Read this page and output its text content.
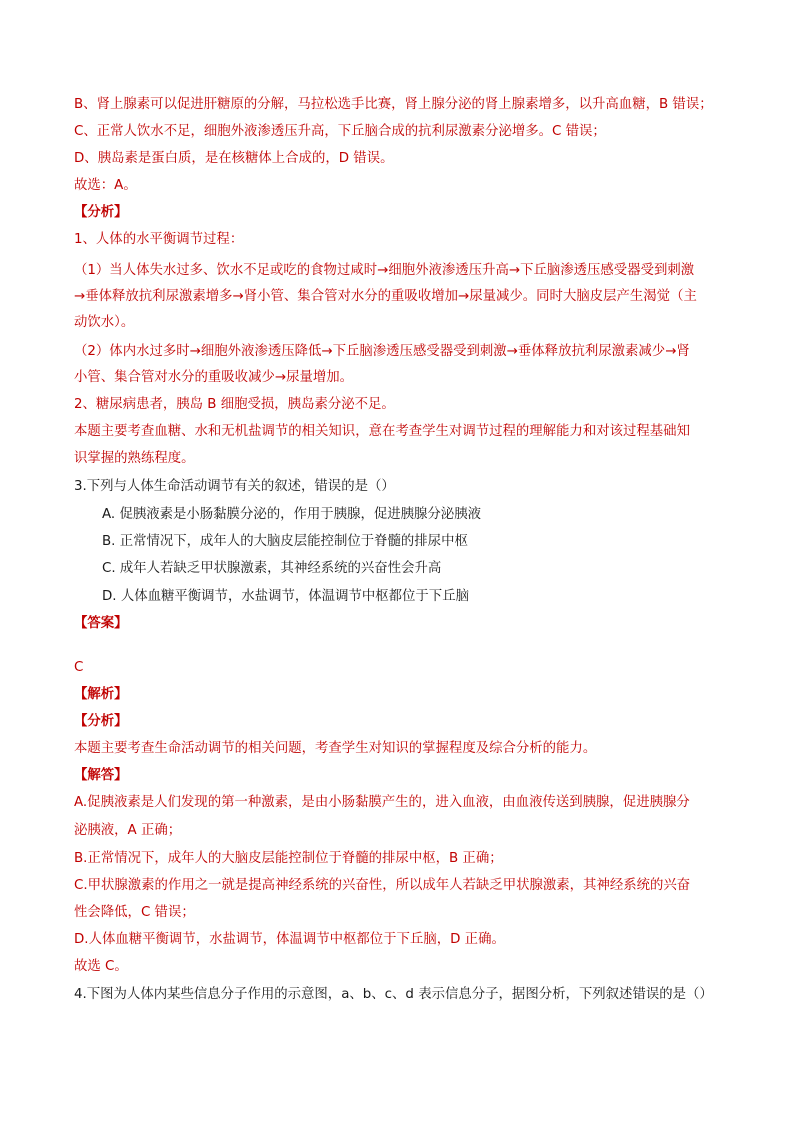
B、肾上腺素可以促进肝糖原的分解，马拉松选手比赛，肾上腺分泌的肾上腺素增多，以升高血糖，B 错误；
C、正常人饮水不足，细胞外液渗透压升高，下丘脑合成的抗利尿激素分泌增多。C 错误；
D、胰岛素是蛋白质，是在核糖体上合成的，D 错误。
故选：A。
【分析】
1、人体的水平衡调节过程：
（1）当人体失水过多、饮水不足或吃的食物过咸时→细胞外液渗透压升高→下丘脑渗透压感受器受到刺激
→垂体释放抗利尿激素增多→肾小管、集合管对水分的重吸收增加→尿量减少。同时大脑皮层产生渴觉（主
动饮水）。
（2）体内水过多时→细胞外液渗透压降低→下丘脑渗透压感受器受到刺激→垂体释放抗利尿激素减少→肾
小管、集合管对水分的重吸收减少→尿量增加。
2、糖尿病患者，胰岛 B 细胞受损，胰岛素分泌不足。
本题主要考查血糖、水和无机盐调节的相关知识，意在考查学生对调节过程的理解能力和对该过程基础知
识掌握的熟练程度。
3.下列与人体生命活动调节有关的叙述，错误的是（）
A. 促胰液素是小肠黏膜分泌的，作用于胰腺，促进胰腺分泌胰液
B. 正常情况下，成年人的大脑皮层能控制位于脊髓的排尿中枢
C. 成年人若缺乏甲状腺激素，其神经系统的兴奋性会升高
D. 人体血糖平衡调节，水盐调节，体温调节中枢都位于下丘脑
【答案】
C
【解析】
【分析】
本题主要考查生命活动调节的相关问题，考查学生对知识的掌握程度及综合分析的能力。
【解答】
A.促胰液素是人们发现的第一种激素，是由小肠黏膜产生的，进入血液，由血液传送到胰腺，促进胰腺分
泌胰液，A 正确；
B.正常情况下，成年人的大脑皮层能控制位于脊髓的排尿中枢，B 正确；
C.甲状腺激素的作用之一就是提高神经系统的兴奋性，所以成年人若缺乏甲状腺激素，其神经系统的兴奋
性会降低，C 错误；
D.人体血糖平衡调节，水盐调节，体温调节中枢都位于下丘脑，D 正确。
故选 C。
4.下图为人体内某些信息分子作用的示意图，a、b、c、d 表示信息分子，据图分析，下列叙述错误的是（）
